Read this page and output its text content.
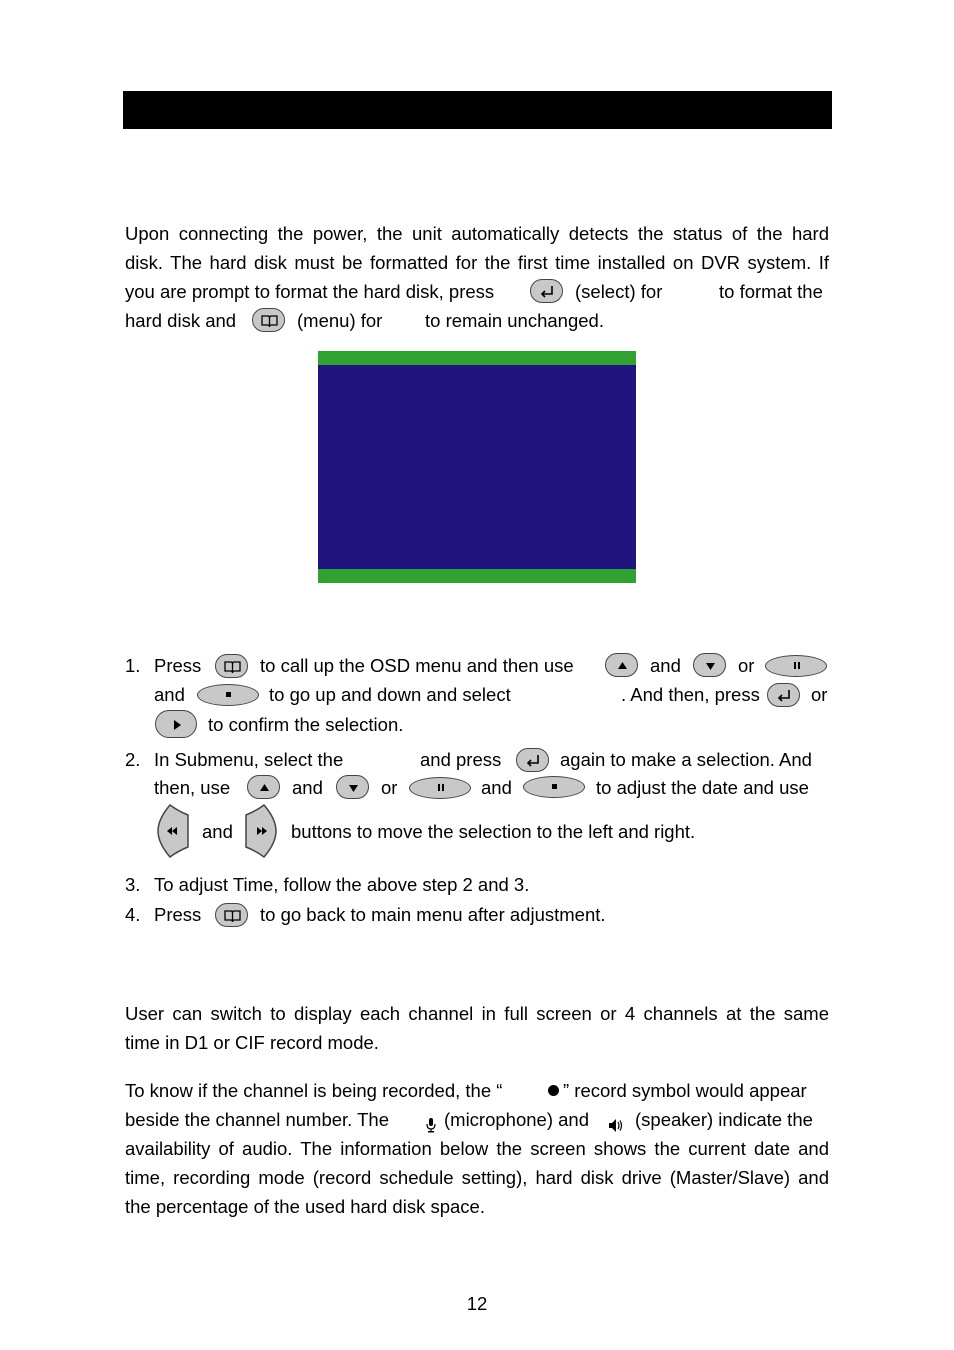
Upon connecting the power, the unit automatically detects the status of the hard
disk. The hard disk must be formatted for the first time installed on DVR system. If
you are prompt to format the hard disk, press	(select) for	to format the
hard disk and	(menu) for to remain unchanged.
1. Press	to call up the OSD menu and then use	and	or
and	to go up and down and select	. And then, press	or
to confirm the selection.
2. In Submenu, select the	and press	again to make a selection. And
then, use	and	or	and	to adjust the date and use
and	buttons to move the selection to the left and right.
3. To adjust Time, follow the above step 2 and 3.
4. Press	to go back to main menu after adjustment.
User can switch to display each channel in full screen or 4 channels at the same
time in D1 or CIF record mode.
To know if the channel is being recorded, the “	” record symbol would appear
beside the channel number. The	(microphone) and (speaker) indicate the
availability of audio. The information below the screen shows the current date and
time, recording mode (record schedule setting), hard disk drive (Master/Slave) and
the percentage of the used hard disk space.
12
